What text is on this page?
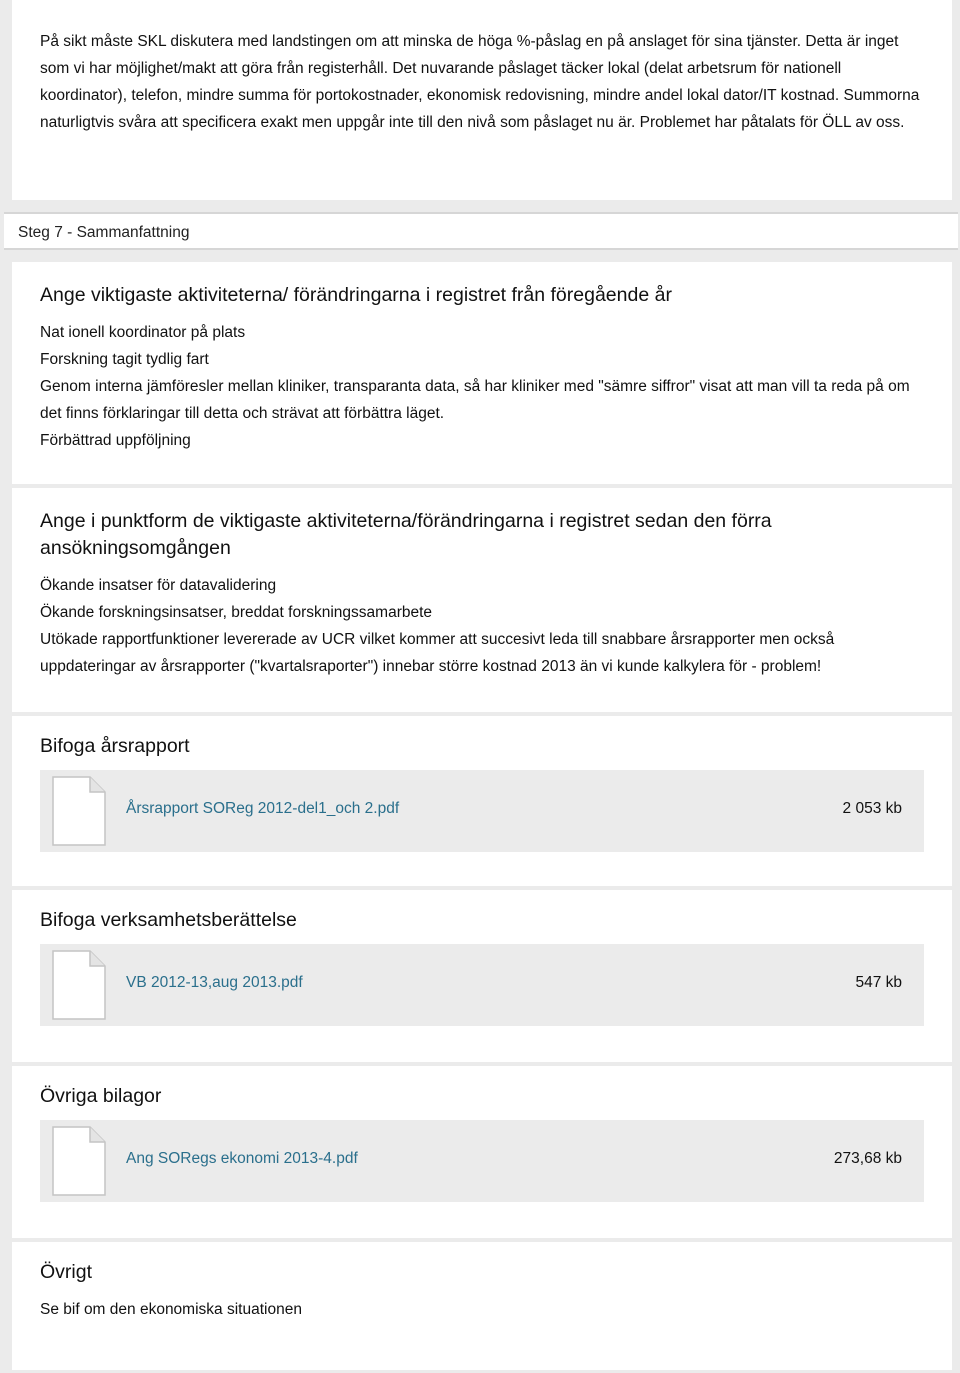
På sikt måste SKL diskutera med landstingen om att minska de höga %-påslag en på anslaget för sina tjänster. Detta är inget som vi har möjlighet/makt att göra från registerhåll. Det nuvarande påslaget täcker lokal (delat arbetsrum för nationell koordinator), telefon, mindre summa för portokostnader, ekonomisk redovisning, mindre andel lokal dator/IT kostnad. Summorna naturligtvis svåra att specificera exakt men uppgår inte till den nivå som påslaget nu är. Problemet har påtalats för ÖLL av oss.

Steg 7 - Sammanfattning
Ange viktigaste aktiviteterna/ förändringarna i registret från föregående år

Nat ionell koordinator på plats

Forskning tagit tydlig fart

Genom interna jämföresler mellan kliniker, transparanta data, så har kliniker med "sämre siffror" visat att man vill ta reda på om det finns förklaringar till detta och strävat att förbättra läget.

Förbättrad uppföljning

Ange i punktform de viktigaste aktiviteterna/förändringarna i registret sedan den förra ansökningsomgången

Ökande insatser för datavalidering

Ökande forskningsinsatser, breddat forskningssamarbete

Utökade rapportfunktioner levererade av UCR vilket kommer att succesivt leda till snabbare årsrapporter men också uppdateringar av årsrapporter ("kvartalsraporter") innebar större kostnad 2013 än vi kunde kalkylera för - problem!

Bifoga årsrapport
Årsrapport SOReg 2012-del1_och 2.pdf	2 053 kb
Bifoga verksamhetsberättelse
VB 2012-13,aug 2013.pdf	547 kb
Övriga bilagor
Ang SORegs ekonomi 2013-4.pdf	273,68 kb
Övrigt

Se bif om den ekonomiska situationen
